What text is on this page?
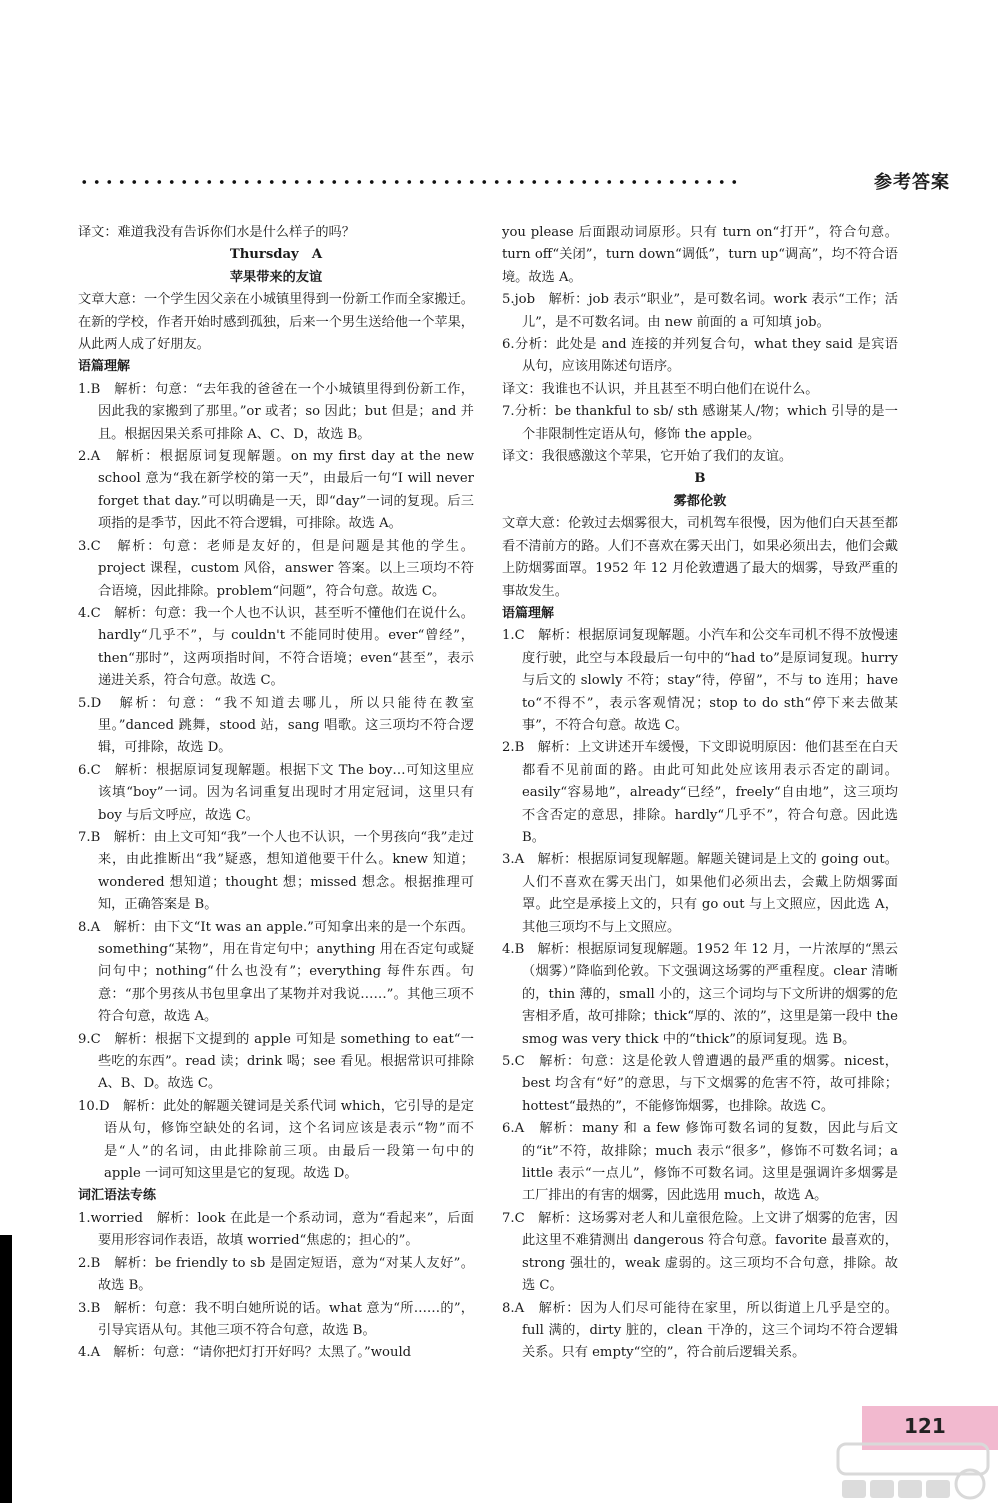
参考答案

译文：难道我没有告诉你们水是什么样子的吗？

Thursday　A

苹果带来的友谊

文章大意：一个学生因父亲在小城镇里得到一份新工作而全家搬迁。在新的学校，作者开始时感到孤独，后来一个男生送给他一个苹果，从此两人成了好朋友。

语篇理解

1.B　解析：句意：“去年我的爸爸在一个小城镇里得到份新工作，因此我的家搬到了那里。”or 或者；so 因此；but 但是；and 并且。根据因果关系可排除 A、C、D，故选 B。

2.A　解析：根据原词复现解题。on my first day at the new school 意为“我在新学校的第一天”，由最后一句“I will never forget that day.”可以明确是一天，即“day”一词的复现。后三项指的是季节，因此不符合逻辑，可排除。故选 A。

3.C　解析：句意：老师是友好的，但是问题是其他的学生。project 课程，custom 风俗，answer 答案。以上三项均不符合语境，因此排除。problem“问题”，符合句意。故选 C。

4.C　解析：句意：我一个人也不认识，甚至听不懂他们在说什么。hardly“几乎不”，与 couldn't 不能同时使用。ever“曾经”，then“那时”，这两项指时间，不符合语境；even“甚至”，表示递进关系，符合句意。故选 C。

5.D　解析：句意：“我不知道去哪儿，所以只能待在教室里。”danced 跳舞，stood 站，sang 唱歌。这三项均不符合逻辑，可排除，故选 D。

6.C　解析：根据原词复现解题。根据下文 The boy…可知这里应该填“boy”一词。因为名词重复出现时才用定冠词，这里只有 boy 与后文呼应，故选 C。

7.B　解析：由上文可知“我”一个人也不认识，一个男孩向“我”走过来，由此推断出“我”疑惑，想知道他要干什么。knew 知道；wondered 想知道；thought 想；missed 想念。根据推理可知，正确答案是 B。

8.A　解析：由下文“It was an apple.”可知拿出来的是一个东西。something“某物”，用在肯定句中；anything 用在否定句或疑问句中；nothing“什么也没有”；everything 每件东西。句意：“那个男孩从书包里拿出了某物并对我说……”。其他三项不符合句意，故选 A。

9.C　解析：根据下文提到的 apple 可知是 something to eat“一些吃的东西”。read 读；drink 喝；see 看见。根据常识可排除 A、B、D。故选 C。

10.D　解析：此处的解题关键词是关系代词 which，它引导的是定语从句，修饰空缺处的名词，这个名词应该是表示“物”而不是“人”的名词，由此排除前三项。由最后一段第一句中的 apple 一词可知这里是它的复现。故选 D。

词汇语法专练

1.worried　解析：look 在此是一个系动词，意为“看起来”，后面要用形容词作表语，故填 worried“焦虑的；担心的”。

2.B　解析：be friendly to sb 是固定短语，意为“对某人友好”。故选 B。

3.B　解析：句意：我不明白她所说的话。what 意为“所……的”，引导宾语从句。其他三项不符合句意，故选 B。

4.A　解析：句意：“请你把灯打开好吗？太黑了。”would

you please 后面跟动词原形。只有 turn on“打开”，符合句意。turn off“关闭”，turn down“调低”，turn up“调高”，均不符合语境。故选 A。

5.job　解析：job 表示“职业”，是可数名词。work 表示“工作；活儿”，是不可数名词。由 new 前面的 a 可知填 job。

6.分析：此处是 and 连接的并列复合句，what they said 是宾语从句，应该用陈述句语序。

译文：我谁也不认识，并且甚至不明白他们在说什么。

7.分析：be thankful to sb/ sth 感谢某人/物；which 引导的是一个非限制性定语从句，修饰 the apple。

译文：我很感激这个苹果，它开始了我们的友谊。

B

雾都伦敦

文章大意：伦敦过去烟雾很大，司机驾车很慢，因为他们白天甚至都看不清前方的路。人们不喜欢在雾天出门，如果必须出去，他们会戴上防烟雾面罩。1952 年 12 月伦敦遭遇了最大的烟雾，导致严重的事故发生。

语篇理解

1.C　解析：根据原词复现解题。小汽车和公交车司机不得不放慢速度行驶，此空与本段最后一句中的“had to”是原词复现。hurry 与后文的 slowly 不符；stay“待，停留”，不与 to 连用；have to“不得不”，表示客观情况；stop to do sth“停下来去做某事”，不符合句意。故选 C。

2.B　解析：上文讲述开车缓慢，下文即说明原因：他们甚至在白天都看不见前面的路。由此可知此处应该用表示否定的副词。easily“容易地”，already“已经”，freely“自由地”，这三项均不含否定的意思，排除。hardly“几乎不”，符合句意。因此选 B。

3.A　解析：根据原词复现解题。解题关键词是上文的 going out。人们不喜欢在雾天出门，如果他们必须出去，会戴上防烟雾面罩。此空是承接上文的，只有 go out 与上文照应，因此选 A，其他三项均不与上文照应。

4.B　解析：根据原词复现解题。1952 年 12 月，一片浓厚的“黑云（烟雾）”降临到伦敦。下文强调这场雾的严重程度。clear 清晰的，thin 薄的，small 小的，这三个词均与下文所讲的烟雾的危害相矛盾，故可排除；thick“厚的、浓的”，这里是第一段中 the smog was very thick 中的“thick”的原词复现。选 B。

5.C　解析：句意：这是伦敦人曾遭遇的最严重的烟雾。nicest，best 均含有“好”的意思，与下文烟雾的危害不符，故可排除；hottest“最热的”，不能修饰烟雾，也排除。故选 C。

6.A　解析：many 和 a few 修饰可数名词的复数，因此与后文的“it”不符，故排除；much 表示“很多”，修饰不可数名词；a little 表示“一点儿”，修饰不可数名词。这里是强调许多烟雾是工厂排出的有害的烟雾，因此选用 much，故选 A。

7.C　解析：这场雾对老人和儿童很危险。上文讲了烟雾的危害，因此这里不难猜测出 dangerous 符合句意。favorite 最喜欢的，strong 强壮的，weak 虚弱的。这三项均不合句意，排除。故选 C。

8.A　解析：因为人们尽可能待在家里，所以街道上几乎是空的。full 满的，dirty 脏的，clean 干净的，这三个词均不符合逻辑关系。只有 empty“空的”，符合前后逻辑关系。

121
